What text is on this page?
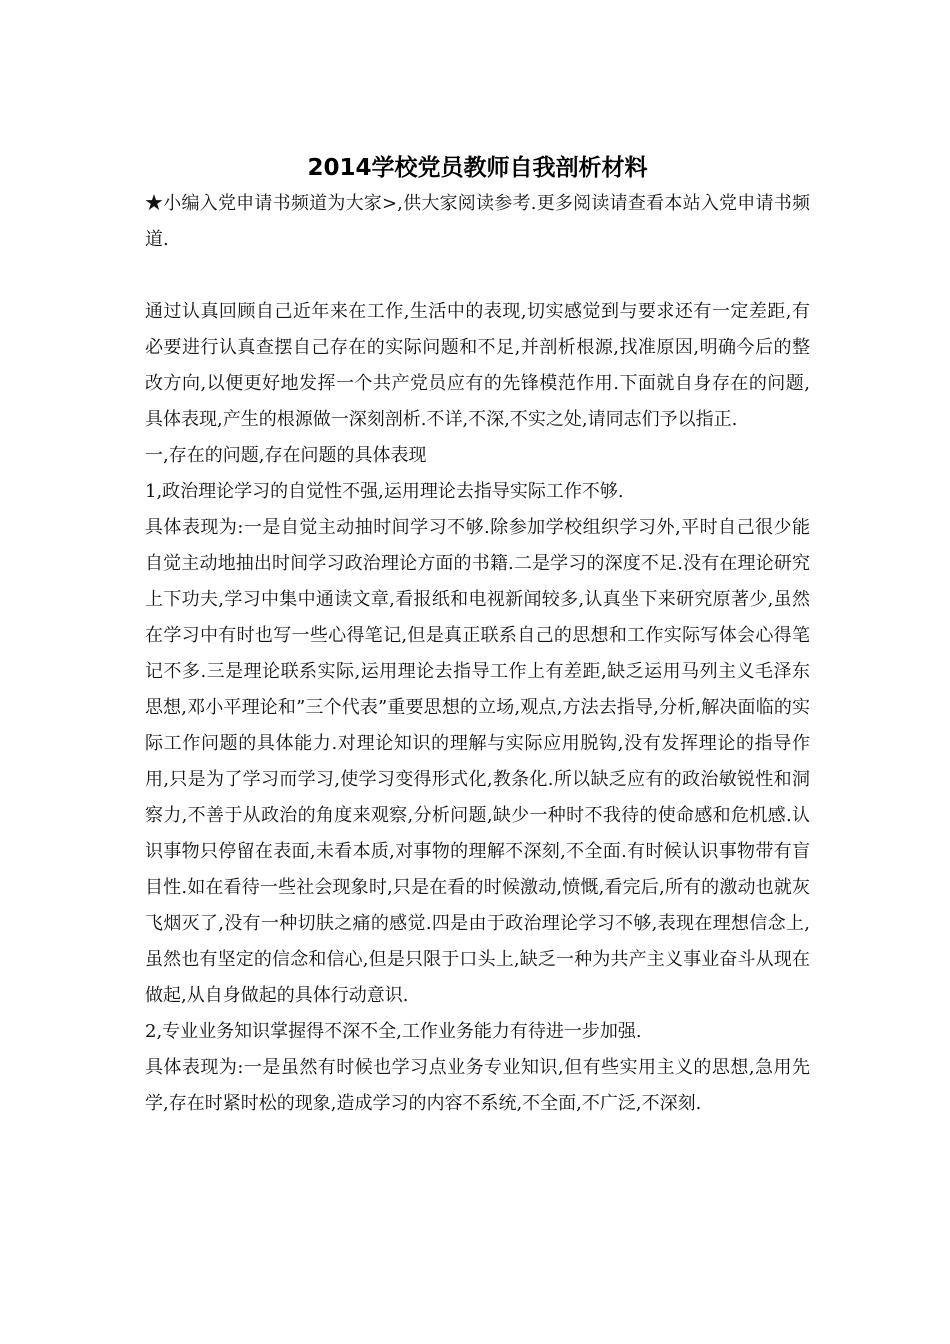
2014学校党员教师自我剖析材料

★小编入党申请书频道为大家>,供大家阅读参考.更多阅读请查看本站入党申请书频道.

通过认真回顾自己近年来在工作,生活中的表现,切实感觉到与要求还有一定差距,有必要进行认真查摆自己存在的实际问题和不足,并剖析根源,找准原因,明确今后的整改方向,以便更好地发挥一个共产党员应有的先锋模范作用.下面就自身存在的问题,具体表现,产生的根源做一深刻剖析.不详,不深,不实之处,请同志们予以指正.

一,存在的问题,存在问题的具体表现

1,政治理论学习的自觉性不强,运用理论去指导实际工作不够.

具体表现为:一是自觉主动抽时间学习不够.除参加学校组织学习外,平时自己很少能自觉主动地抽出时间学习政治理论方面的书籍.二是学习的深度不足.没有在理论研究上下功夫,学习中集中通读文章,看报纸和电视新闻较多,认真坐下来研究原著少,虽然在学习中有时也写一些心得笔记,但是真正联系自己的思想和工作实际写体会心得笔记不多.三是理论联系实际,运用理论去指导工作上有差距,缺乏运用马列主义毛泽东思想,邓小平理论和”三个代表”重要思想的立场,观点,方法去指导,分析,解决面临的实际工作问题的具体能力.对理论知识的理解与实际应用脱钩,没有发挥理论的指导作用,只是为了学习而学习,使学习变得形式化,教条化.所以缺乏应有的政治敏锐性和洞察力,不善于从政治的角度来观察,分析问题,缺少一种时不我待的使命感和危机感.认识事物只停留在表面,未看本质,对事物的理解不深刻,不全面.有时候认识事物带有盲目性.如在看待一些社会现象时,只是在看的时候激动,愤慨,看完后,所有的激动也就灰飞烟灭了,没有一种切肤之痛的感觉.四是由于政治理论学习不够,表现在理想信念上,虽然也有坚定的信念和信心,但是只限于口头上,缺乏一种为共产主义事业奋斗从现在做起,从自身做起的具体行动意识.

2,专业业务知识掌握得不深不全,工作业务能力有待进一步加强.

具体表现为:一是虽然有时候也学习点业务专业知识,但有些实用主义的思想,急用先学,存在时紧时松的现象,造成学习的内容不系统,不全面,不广泛,不深刻.
